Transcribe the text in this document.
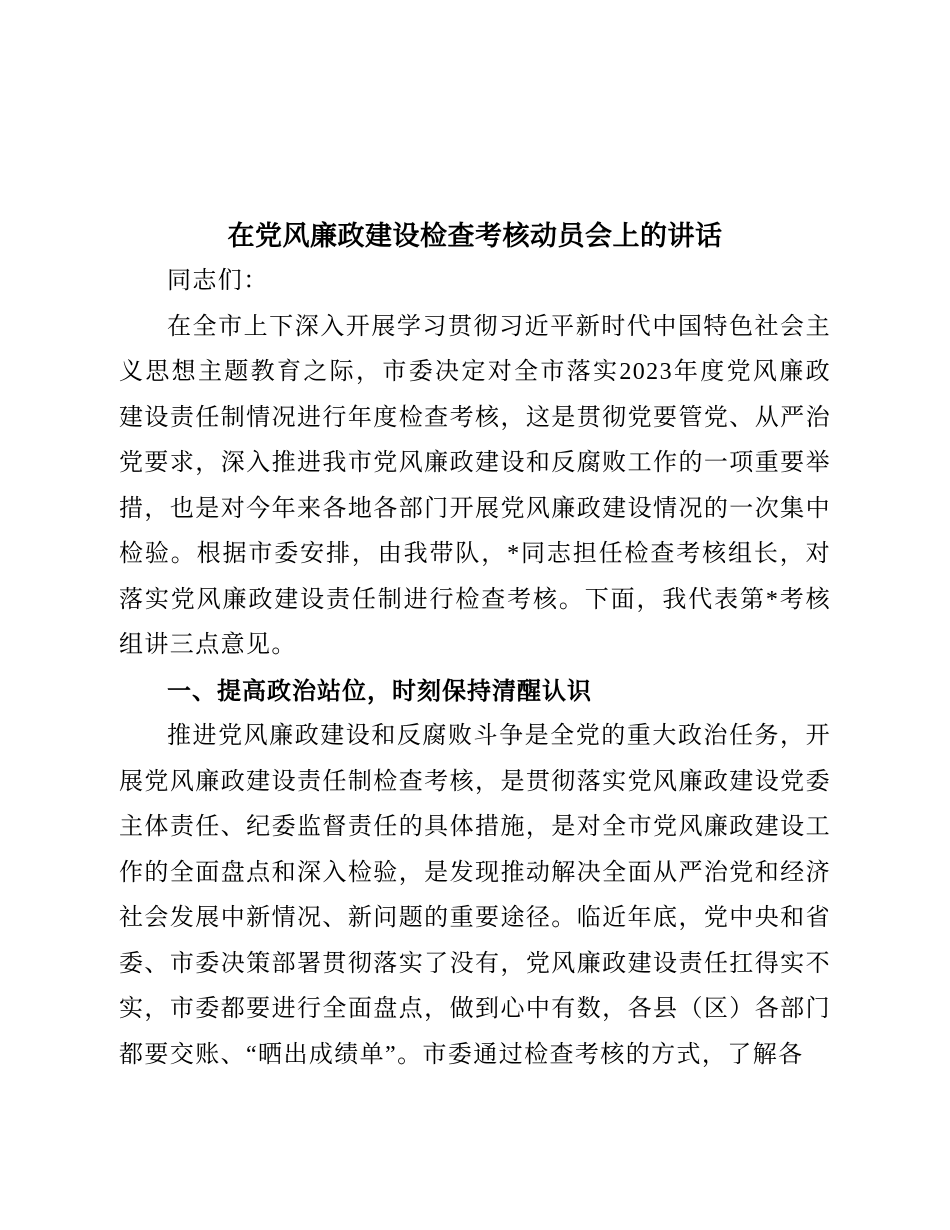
在党风廉政建设检查考核动员会上的讲话

同志们：

在全市上下深入开展学习贯彻习近平新时代中国特色社会主义思想主题教育之际，市委决定对全市落实2023年度党风廉政建设责任制情况进行年度检查考核，这是贯彻党要管党、从严治党要求，深入推进我市党风廉政建设和反腐败工作的一项重要举措，也是对今年来各地各部门开展党风廉政建设情况的一次集中检验。根据市委安排，由我带队，*同志担任检查考核组长，对落实党风廉政建设责任制进行检查考核。下面，我代表第*考核组讲三点意见。

一、提高政治站位，时刻保持清醒认识

推进党风廉政建设和反腐败斗争是全党的重大政治任务，开展党风廉政建设责任制检查考核，是贯彻落实党风廉政建设党委主体责任、纪委监督责任的具体措施，是对全市党风廉政建设工作的全面盘点和深入检验，是发现推动解决全面从严治党和经济社会发展中新情况、新问题的重要途径。临近年底，党中央和省委、市委决策部署贯彻落实了没有，党风廉政建设责任扛得实不实，市委都要进行全面盘点，做到心中有数，各县（区）各部门都要交账、“晒出成绩单”。市委通过检查考核的方式，了解各
